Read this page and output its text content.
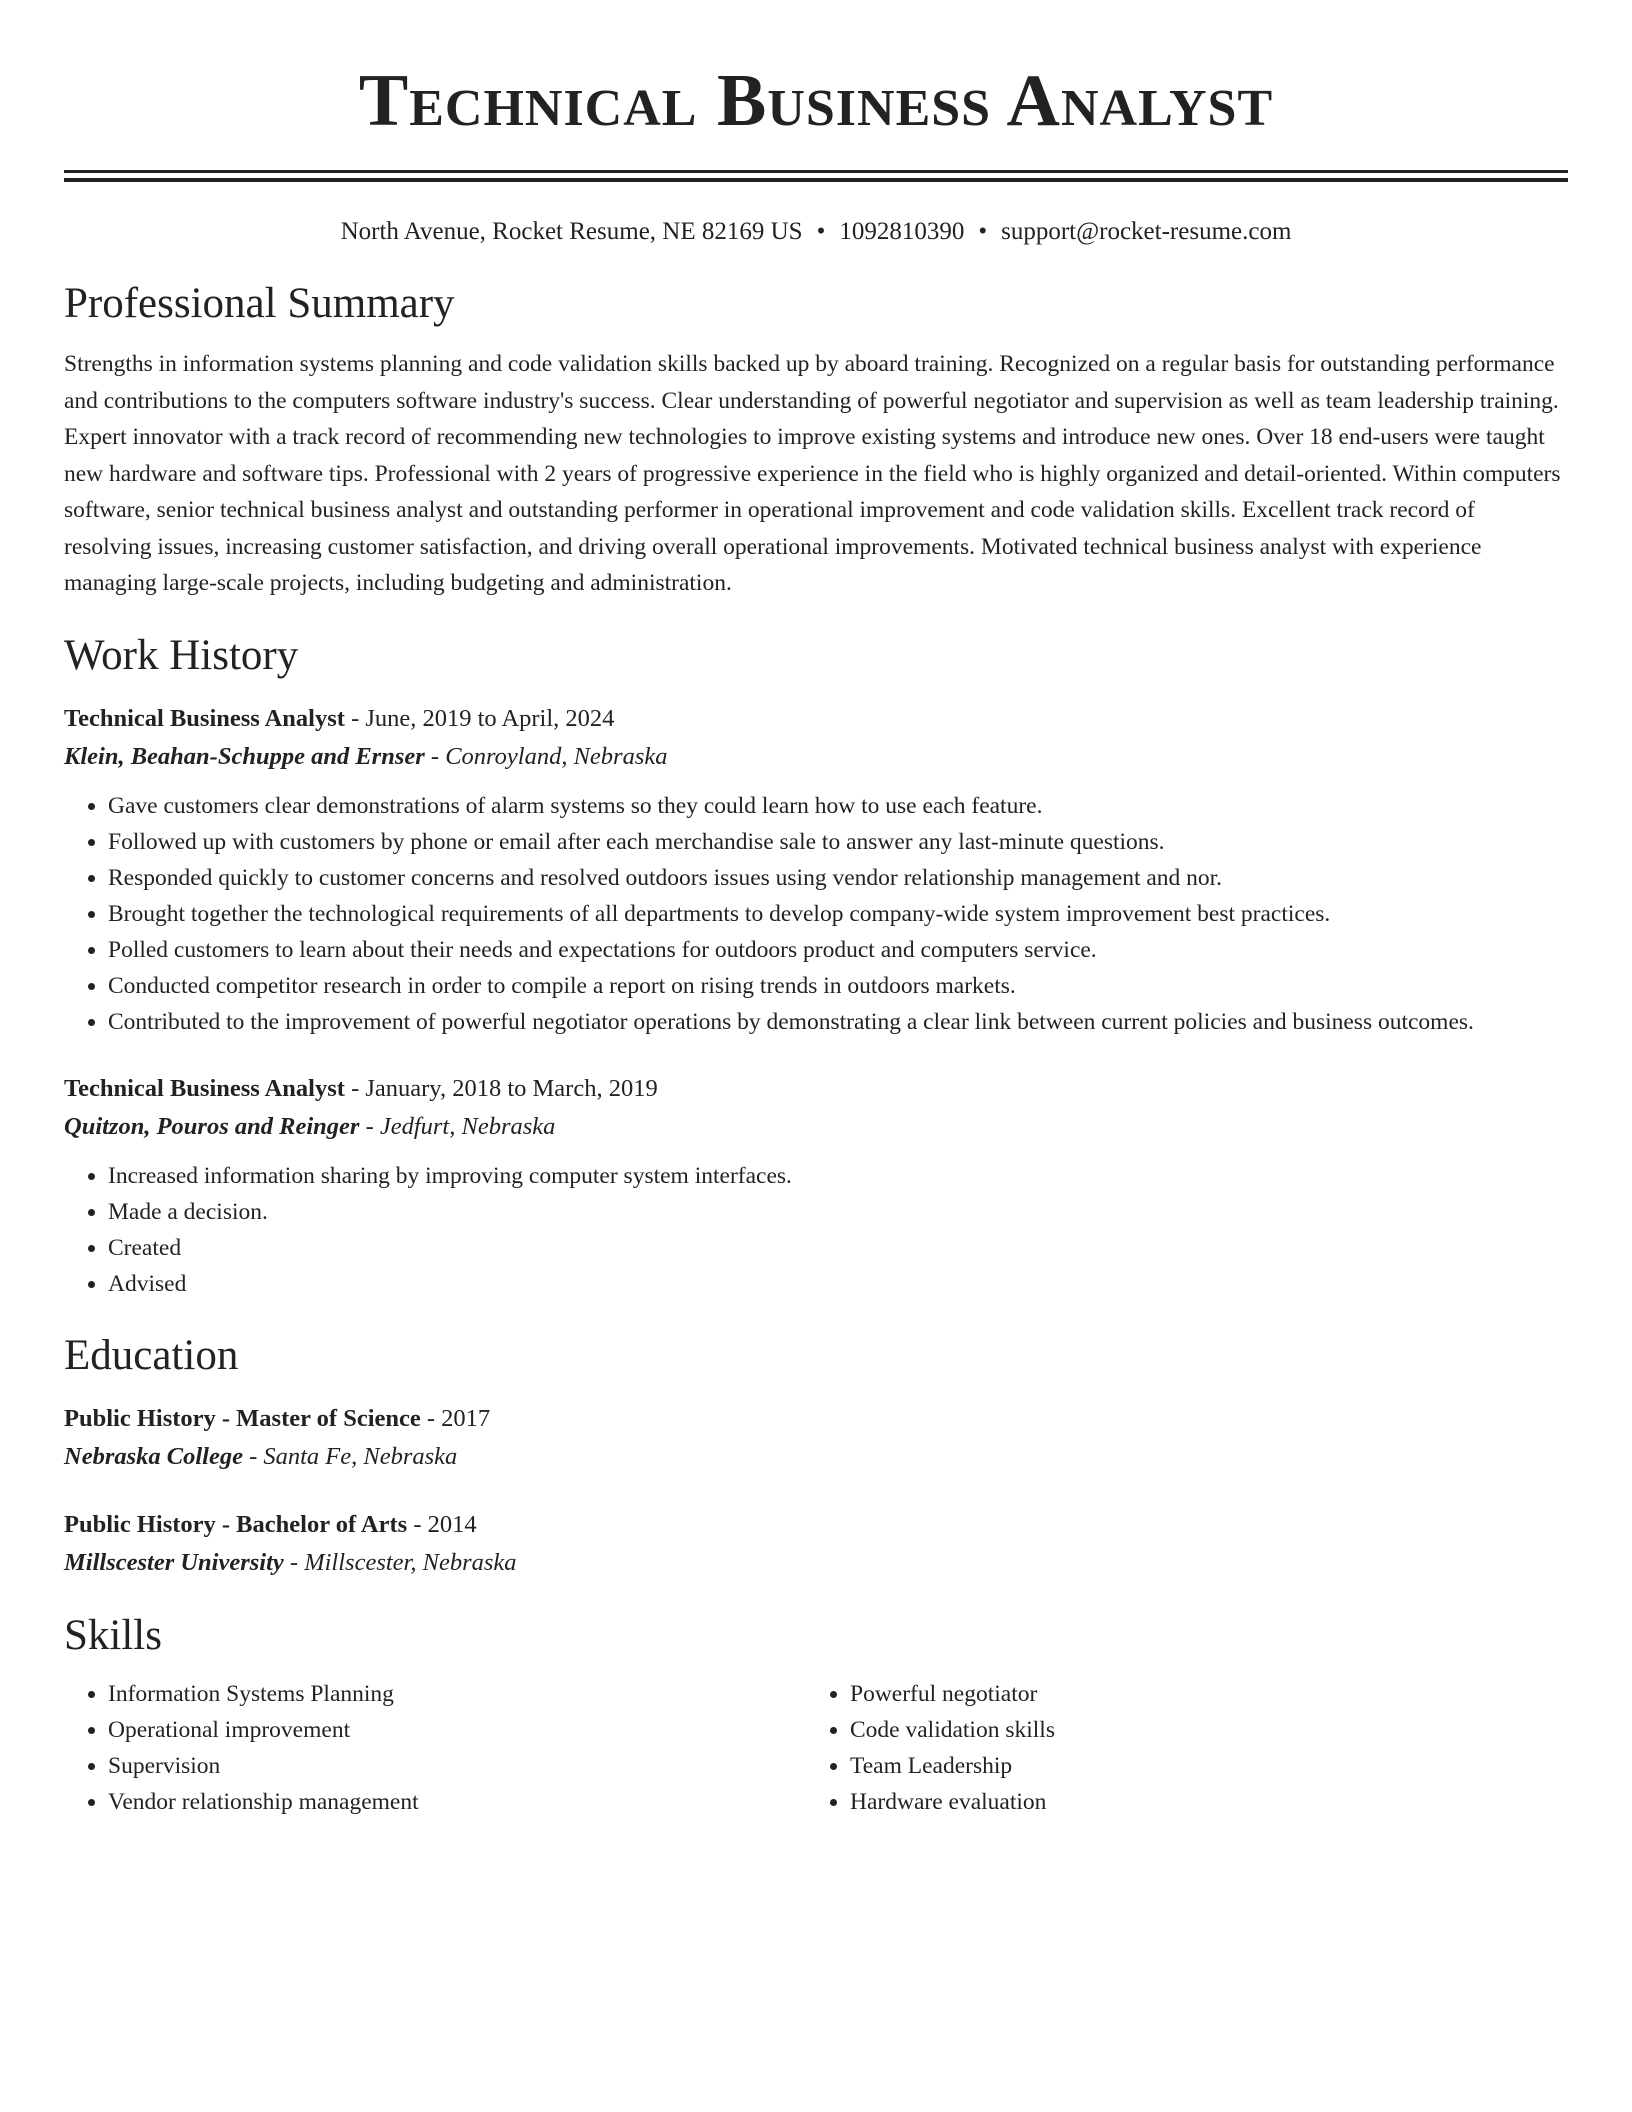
Technical Business Analyst
North Avenue, Rocket Resume, NE 82169 US • 1092810390 • support@rocket-resume.com
Professional Summary

Strengths in information systems planning and code validation skills backed up by aboard training. Recognized on a regular basis for outstanding performance and contributions to the computers software industry's success. Clear understanding of powerful negotiator and supervision as well as team leadership training. Expert innovator with a track record of recommending new technologies to improve existing systems and introduce new ones. Over 18 end-users were taught new hardware and software tips. Professional with 2 years of progressive experience in the field who is highly organized and detail-oriented. Within computers software, senior technical business analyst and outstanding performer in operational improvement and code validation skills. Excellent track record of resolving issues, increasing customer satisfaction, and driving overall operational improvements. Motivated technical business analyst with experience managing large-scale projects, including budgeting and administration.

Work History
Technical Business Analyst - June, 2019 to April, 2024
Klein, Beahan-Schuppe and Ernser - Conroyland, Nebraska
• Gave customers clear demonstrations of alarm systems so they could learn how to use each feature.
• Followed up with customers by phone or email after each merchandise sale to answer any last-minute questions.
• Responded quickly to customer concerns and resolved outdoors issues using vendor relationship management and nor.
• Brought together the technological requirements of all departments to develop company-wide system improvement best practices.
• Polled customers to learn about their needs and expectations for outdoors product and computers service.
• Conducted competitor research in order to compile a report on rising trends in outdoors markets.
• Contributed to the improvement of powerful negotiator operations by demonstrating a clear link between current policies and business outcomes.
Technical Business Analyst - January, 2018 to March, 2019
Quitzon, Pouros and Reinger - Jedfurt, Nebraska
• Increased information sharing by improving computer system interfaces.
• Made a decision.
• Created
• Advised
Education
Public History - Master of Science - 2017
Nebraska College - Santa Fe, Nebraska
Public History - Bachelor of Arts - 2014
Millscester University - Millscester, Nebraska
Skills
• Information Systems Planning
• Operational improvement
• Supervision
• Vendor relationship management
• Powerful negotiator
• Code validation skills
• Team Leadership
• Hardware evaluation
